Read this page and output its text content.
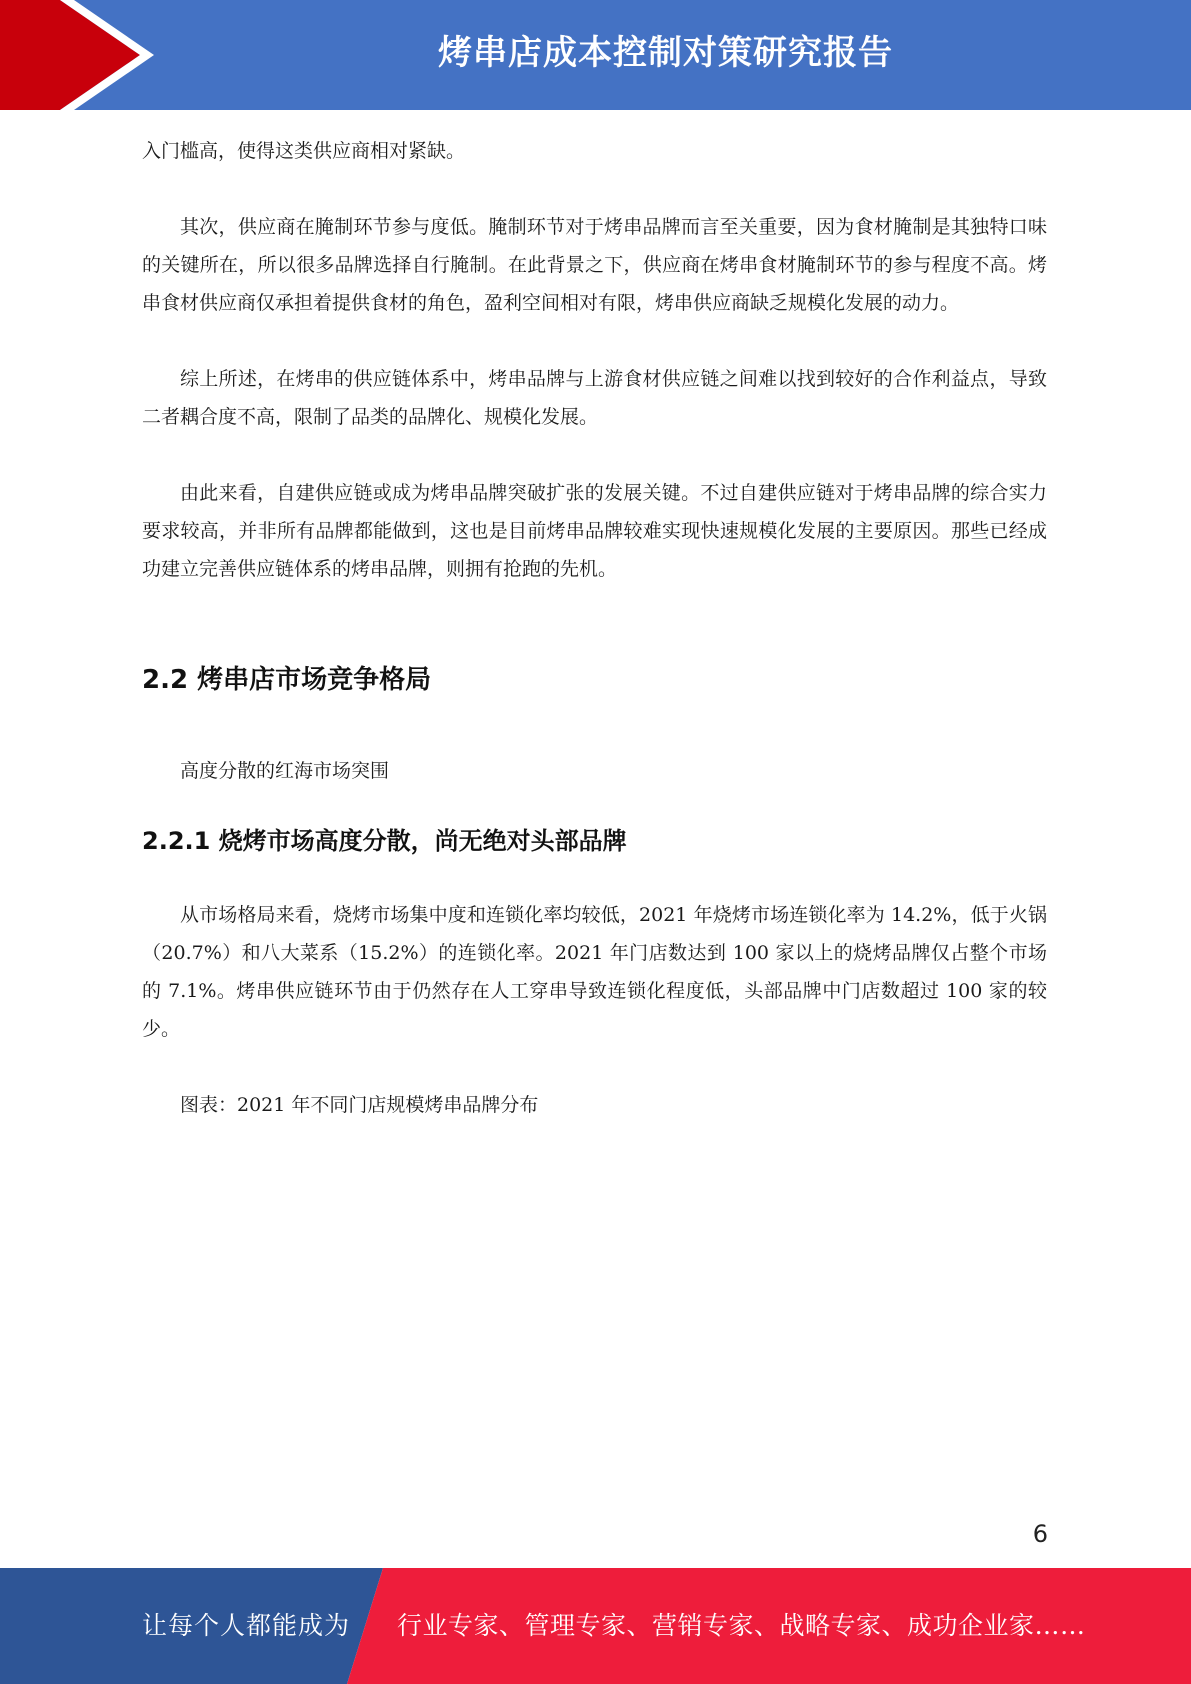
烤串店成本控制对策研究报告

入门槛高，使得这类供应商相对紧缺。

其次，供应商在腌制环节参与度低。腌制环节对于烤串品牌而言至关重要，因为食材腌制是其独特口味的关键所在，所以很多品牌选择自行腌制。在此背景之下，供应商在烤串食材腌制环节的参与程度不高。烤串食材供应商仅承担着提供食材的角色，盈利空间相对有限，烤串供应商缺乏规模化发展的动力。

综上所述，在烤串的供应链体系中，烤串品牌与上游食材供应链之间难以找到较好的合作利益点，导致二者耦合度不高，限制了品类的品牌化、规模化发展。

由此来看，自建供应链或成为烤串品牌突破扩张的发展关键。不过自建供应链对于烤串品牌的综合实力要求较高，并非所有品牌都能做到，这也是目前烤串品牌较难实现快速规模化发展的主要原因。那些已经成功建立完善供应链体系的烤串品牌，则拥有抢跑的先机。

2.2 烤串店市场竞争格局

高度分散的红海市场突围

2.2.1 烧烤市场高度分散，尚无绝对头部品牌

从市场格局来看，烧烤市场集中度和连锁化率均较低，2021 年烧烤市场连锁化率为 14.2%，低于火锅（20.7%）和八大菜系（15.2%）的连锁化率。2021 年门店数达到 100 家以上的烧烤品牌仅占整个市场的 7.1%。烤串供应链环节由于仍然存在人工穿串导致连锁化程度低，头部品牌中门店数超过 100 家的较少。

图表：2021 年不同门店规模烤串品牌分布

6
让每个人都能成为 行业专家、管理专家、营销专家、战略专家、成功企业家……
